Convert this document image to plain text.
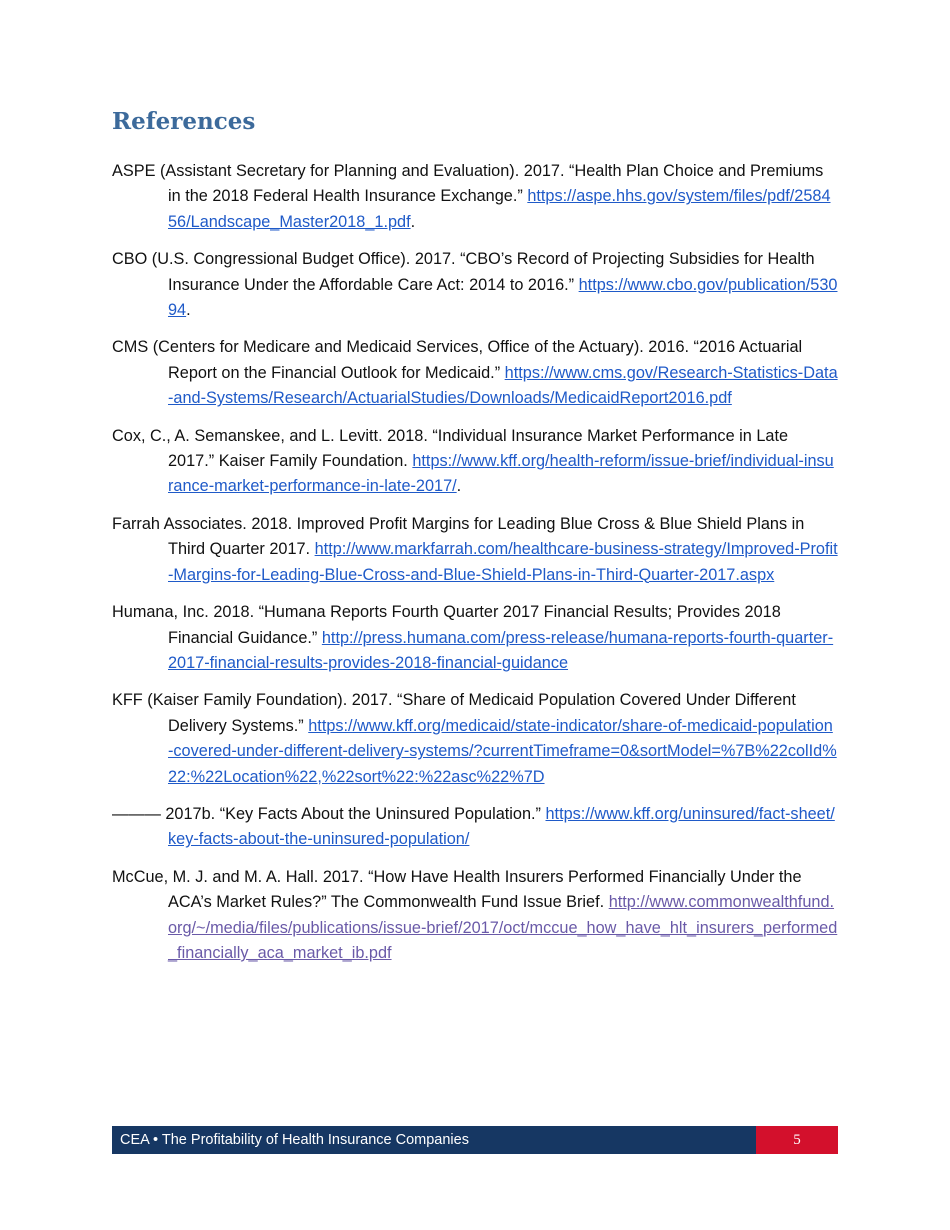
References

ASPE (Assistant Secretary for Planning and Evaluation). 2017. “Health Plan Choice and Premiums in the 2018 Federal Health Insurance Exchange.” https://aspe.hhs.gov/system/files/pdf/258456/Landscape_Master2018_1.pdf.

CBO (U.S. Congressional Budget Office). 2017. “CBO’s Record of Projecting Subsidies for Health Insurance Under the Affordable Care Act: 2014 to 2016.” https://www.cbo.gov/publication/53094.

CMS (Centers for Medicare and Medicaid Services, Office of the Actuary). 2016. “2016 Actuarial Report on the Financial Outlook for Medicaid.” https://www.cms.gov/Research-Statistics-Data-and-Systems/Research/ActuarialStudies/Downloads/MedicaidReport2016.pdf

Cox, C., A. Semanskee, and L. Levitt. 2018. “Individual Insurance Market Performance in Late 2017.” Kaiser Family Foundation. https://www.kff.org/health-reform/issue-brief/individual-insurance-market-performance-in-late-2017/.

Farrah Associates. 2018. Improved Profit Margins for Leading Blue Cross & Blue Shield Plans in Third Quarter 2017. http://www.markfarrah.com/healthcare-business-strategy/Improved-Profit-Margins-for-Leading-Blue-Cross-and-Blue-Shield-Plans-in-Third-Quarter-2017.aspx

Humana, Inc. 2018. “Humana Reports Fourth Quarter 2017 Financial Results; Provides 2018 Financial Guidance.” http://press.humana.com/press-release/humana-reports-fourth-quarter-2017-financial-results-provides-2018-financial-guidance

KFF (Kaiser Family Foundation). 2017. “Share of Medicaid Population Covered Under Different Delivery Systems.” https://www.kff.org/medicaid/state-indicator/share-of-medicaid-population-covered-under-different-delivery-systems/?currentTimeframe=0&sortModel=%7B%22colId%22:%22Location%22,%22sort%22:%22asc%22%7D

——— 2017b. “Key Facts About the Uninsured Population.” https://www.kff.org/uninsured/fact-sheet/key-facts-about-the-uninsured-population/

McCue, M. J. and M. A. Hall. 2017. “How Have Health Insurers Performed Financially Under the ACA’s Market Rules?” The Commonwealth Fund Issue Brief. http://www.commonwealthfund.org/~/media/files/publications/issue-brief/2017/oct/mccue_how_have_hlt_insurers_performed_financially_aca_market_ib.pdf

CEA • The Profitability of Health Insurance Companies	5
